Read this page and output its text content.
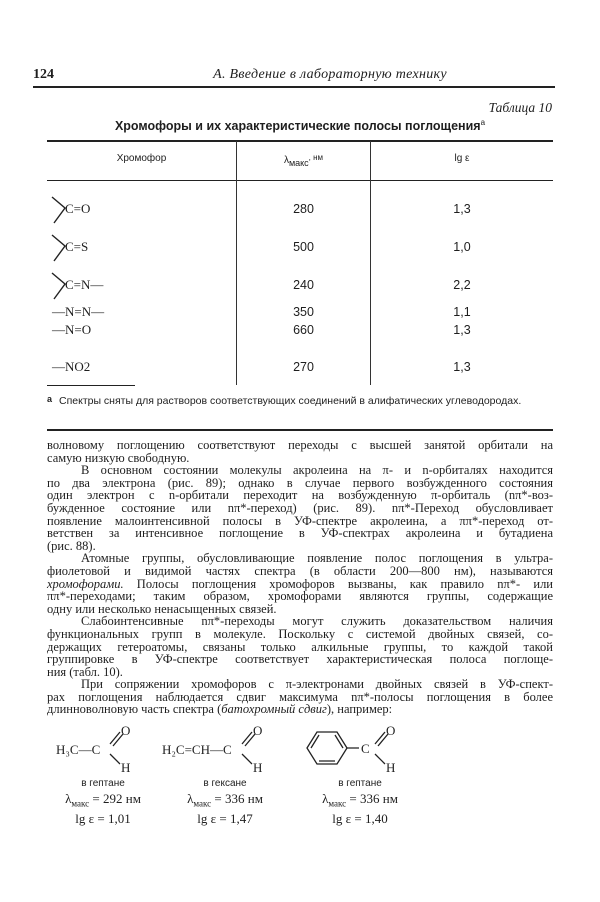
124	А. Введение в лабораторную технику
Таблица 10
Хромофоры и их характеристические полосы поглощения$^a$
Хромофор	$\lambda_{макс}^{, нм}$	lg ε
C=O	280	1,3
C=S	500	1,0
C=N—	240	2,2
—N=N—	350	1,1
—N=O	660	1,3
—NO2	270	1,3
a Спектры сняты для растворов соответствующих соединений в алифатических углеводородах.
волновому поглощению соответствуют переходы с высшей занятой орбитали на
самую низкую свободную.
В основном состоянии молекулы акролеина на π- и n-орбиталях находится
по два электрона (рис. 89); однако в случае первого возбужденного состояния
один электрон с n-орбитали переходит на возбужденную π-орбиталь (nπ*-воз-
бужденное состояние или nπ*-переход) (рис. 89). nπ*-Переход обусловливает
появление малоинтенсивной полосы в УФ-спектре акролеина, а ππ*-переход от-
ветствен за интенсивное поглощение в УФ-спектрах акролеина и бутадиена
(рис. 88).
Атомные группы, обусловливающие появление полос поглощения в ультра-
фиолетовой и видимой частях спектра (в области 200—800 нм), называются
хромофорами. Полосы поглощения хромофоров вызваны, как правило nπ*- или
ππ*-переходами; таким образом, хромофорами являются группы, содержащие
одну или несколько ненасыщенных связей.
Слабоинтенсивные nπ*-переходы могут служить доказательством наличия
функциональных групп в молекуле. Поскольку с системой двойных связей, со-
держащих гетероатомы, связаны только алкильные группы, то каждой такой
группировке в УФ-спектре соответствует характеристическая полоса поглоще-
ния (табл. 10).
При сопряжении хромофоров с π-электронами двойных связей в УФ-спект-
рах поглощения наблюдается сдвиг максимума nπ*-полосы поглощения в более
длинноволновую часть спектра (батохромный сдвиг), например:
H₃C—C
O
H
в гептане
$\lambda_{макс} = 292$ нм
lg ε = 1,01
H₂C=CH—C
O
H
в гексане
$\lambda_{макс} = 336$ нм
lg ε = 1,47
C
O
H
в гептане
$\lambda_{макс} = 336$ нм
lg ε = 1,40
